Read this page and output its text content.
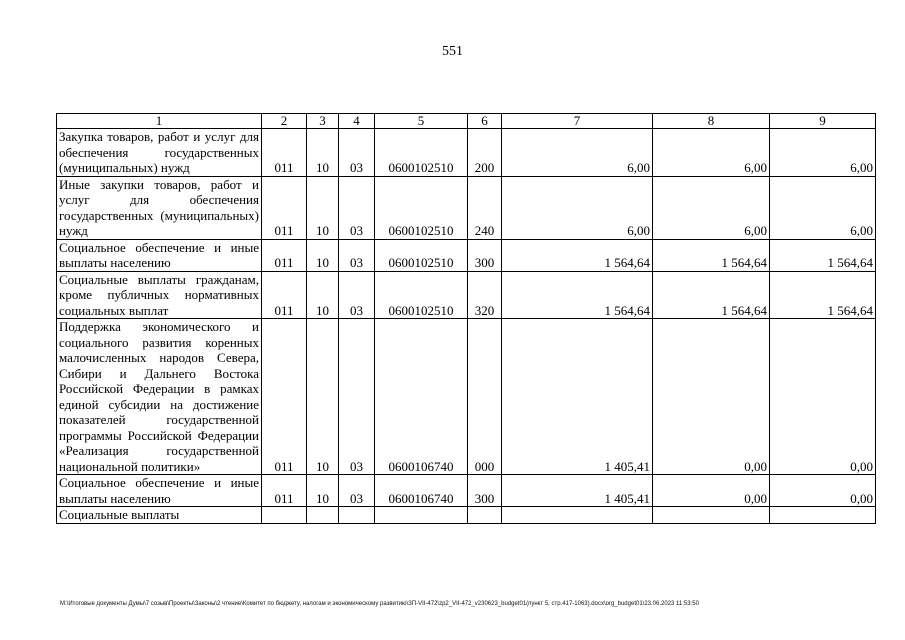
551
1	2	3	4	5	6	7	8	9
Закупка товаров, работ и услуг для обеспечения государственных (муниципальных) нужд	011	10	03	0600102510	200	6,00	6,00	6,00
Иные закупки товаров, работ и услуг для обеспечения государственных (муниципальных) нужд	011	10	03	0600102510	240	6,00	6,00	6,00
Социальное обеспечение и иные выплаты населению	011	10	03	0600102510	300	1 564,64	1 564,64	1 564,64
Социальные выплаты гражданам, кроме публичных нормативных социальных выплат	011	10	03	0600102510	320	1 564,64	1 564,64	1 564,64
Поддержка экономического и социального развития коренных малочисленных народов Севера, Сибири и Дальнего Востока Российской Федерации в рамках единой субсидии на достижение показателей государственной программы Российской Федерации «Реализация государственной национальной политики»	011	10	03	0600106740	000	1 405,41	0,00	0,00
Социальное обеспечение и иные выплаты населению	011	10	03	0600106740	300	1 405,41	0,00	0,00
Социальные выплаты								
М:\Итоговые документы Думы\7 созыв\Проекты\Законы\2 чтение\Комитет по бюджету, налогам и экономическому развитию\ЗП-VII-472\zp2_VII-472_v230623_budget01(пункт 5, стр.417-1063).docx\org_budget01\23.06.2023 11:53:50
